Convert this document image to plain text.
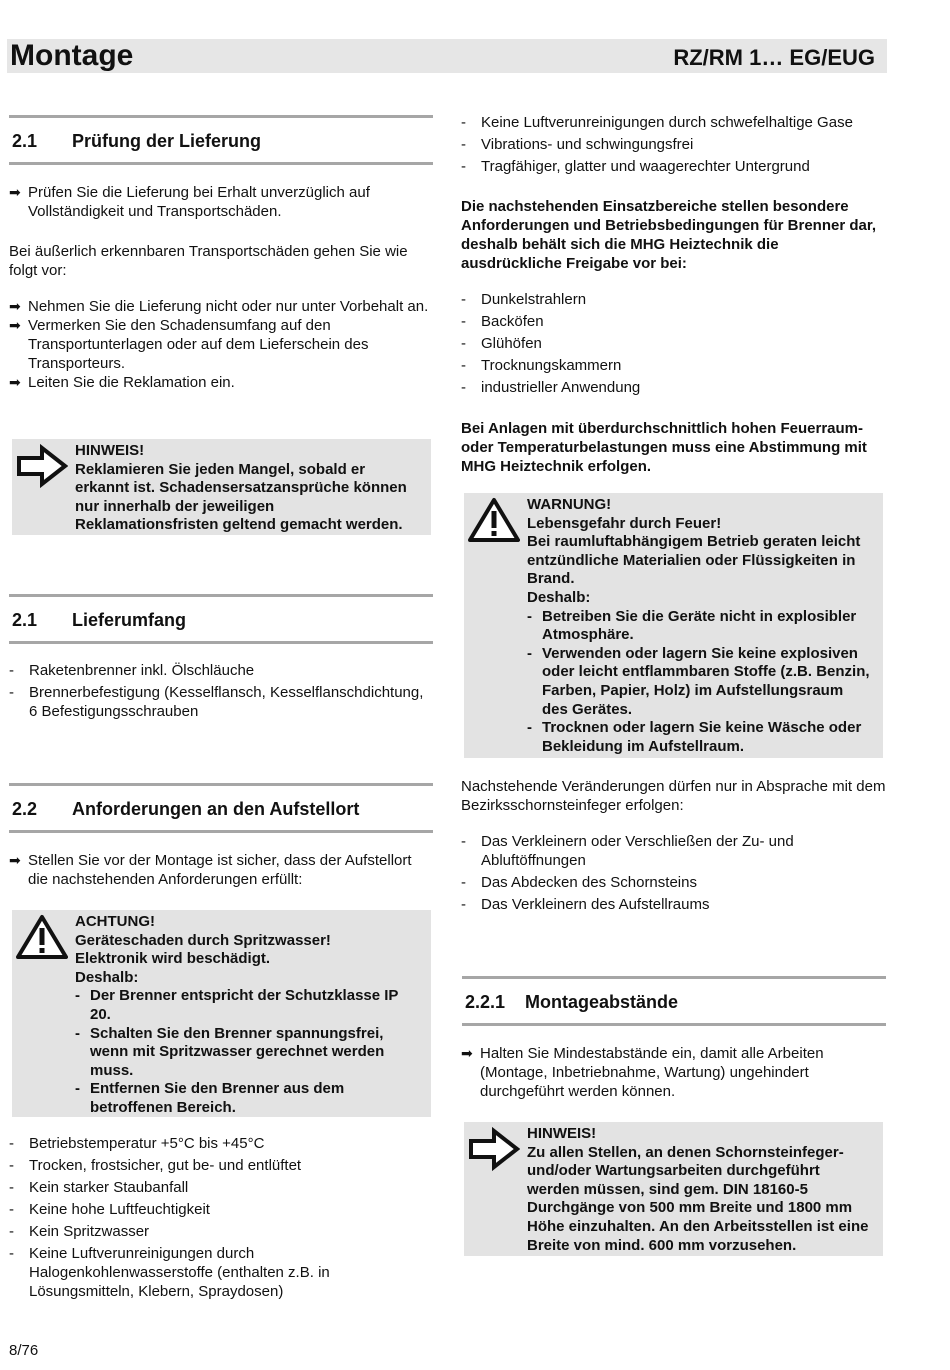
Montage	RZ/RM 1… EG/EUG
2.1 Prüfung der Lieferung
➡ Prüfen Sie die Lieferung bei Erhalt unverzüglich auf Vollständigkeit und Transportschäden.
Bei äußerlich erkennbaren Transportschäden gehen Sie wie folgt vor:
➡ Nehmen Sie die Lieferung nicht oder nur unter Vorbehalt an.
➡ Vermerken Sie den Schadensumfang auf den Transportunterlagen oder auf dem Lieferschein des Transporteurs.
➡ Leiten Sie die Reklamation ein.
HINWEIS!
Reklamieren Sie jeden Mangel, sobald er erkannt ist. Schadensersatzansprüche können nur innerhalb der jeweiligen Reklamationsfristen geltend gemacht werden.
2.1 Lieferumfang
- Raketenbrenner inkl. Ölschläuche
- Brennerbefestigung (Kesselflansch, Kesselflanschdichtung, 6 Befestigungsschrauben
2.2 Anforderungen an den Aufstellort
➡ Stellen Sie vor der Montage ist sicher, dass der Aufstellort die nachstehenden Anforderungen erfüllt:
ACHTUNG!
Geräteschaden durch Spritzwasser!
Elektronik wird beschädigt.
Deshalb:
- Der Brenner entspricht der Schutzklasse IP 20.
- Schalten Sie den Brenner spannungsfrei, wenn mit Spritzwasser gerechnet werden muss.
- Entfernen Sie den Brenner aus dem betroffenen Bereich.
- Betriebstemperatur +5°C bis +45°C
- Trocken, frostsicher, gut be- und entlüftet
- Kein starker Staubanfall
- Keine hohe Luftfeuchtigkeit
- Kein Spritzwasser
- Keine Luftverunreinigungen durch Halogenkohlenwasserstoffe (enthalten z.B. in Lösungsmitteln, Klebern, Spraydosen)
- Keine Luftverunreinigungen durch schwefelhaltige Gase
- Vibrations- und schwingungsfrei
- Tragfähiger, glatter und waagerechter Untergrund
Die nachstehenden Einsatzbereiche stellen besondere Anforderungen und Betriebsbedingungen für Brenner dar, deshalb behält sich die MHG Heiztechnik die ausdrückliche Freigabe vor bei:
- Dunkelstrahlern
- Backöfen
- Glühöfen
- Trocknungskammern
- industrieller Anwendung
Bei Anlagen mit überdurchschnittlich hohen Feuerraum- oder Temperaturbelastungen muss eine Abstimmung mit MHG Heiztechnik erfolgen.
WARNUNG!
Lebensgefahr durch Feuer!
Bei raumluftabhängigem Betrieb geraten leicht entzündliche Materialien oder Flüssigkeiten in Brand.
Deshalb:
- Betreiben Sie die Geräte nicht in explosibler Atmosphäre.
- Verwenden oder lagern Sie keine explosiven oder leicht entflammbaren Stoffe (z.B. Benzin, Farben, Papier, Holz) im Aufstellungsraum des Gerätes.
- Trocknen oder lagern Sie keine Wäsche oder Bekleidung im Aufstellraum.
Nachstehende Veränderungen dürfen nur in Absprache mit dem Bezirksschornsteinfeger erfolgen:
- Das Verkleinern oder Verschließen der Zu- und Abluftöffnungen
- Das Abdecken des Schornsteins
- Das Verkleinern des Aufstellraums
2.2.1 Montageabstände
➡ Halten Sie Mindestabstände ein, damit alle Arbeiten (Montage, Inbetriebnahme, Wartung) ungehindert durchgeführt werden können.
HINWEIS!
Zu allen Stellen, an denen Schornsteinfeger- und/oder Wartungsarbeiten durchgeführt werden müssen, sind gem. DIN 18160-5 Durchgänge von 500 mm Breite und 1800 mm Höhe einzuhalten. An den Arbeitsstellen ist eine Breite von mind. 600 mm vorzusehen.
8/76
